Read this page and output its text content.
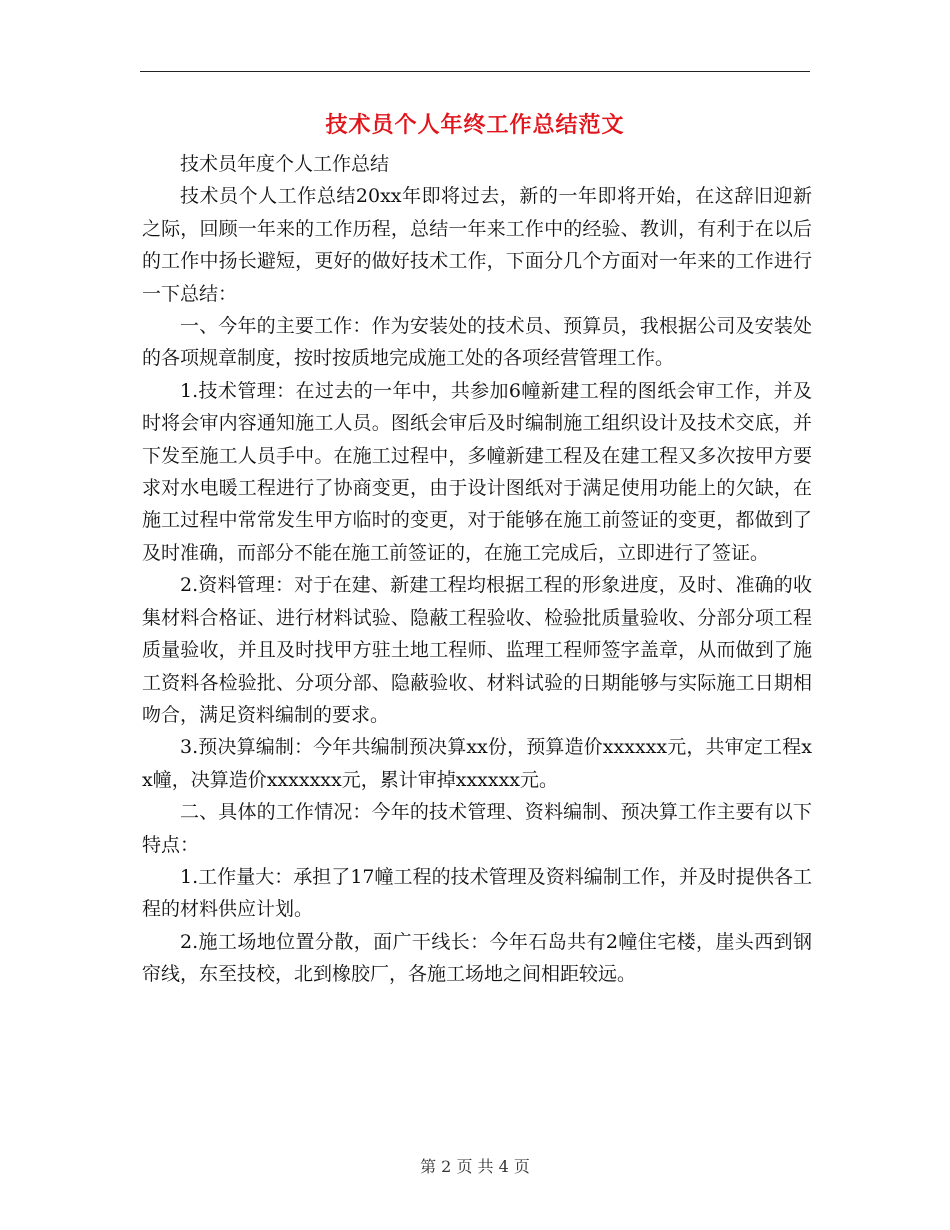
技术员个人年终工作总结范文

技术员年度个人工作总结

技术员个人工作总结20xx年即将过去，新的一年即将开始，在这辞旧迎新之际，回顾一年来的工作历程，总结一年来工作中的经验、教训，有利于在以后的工作中扬长避短，更好的做好技术工作，下面分几个方面对一年来的工作进行一下总结：

一、今年的主要工作：作为安装处的技术员、预算员，我根据公司及安装处的各项规章制度，按时按质地完成施工处的各项经营管理工作。

1.技术管理：在过去的一年中，共参加6幢新建工程的图纸会审工作，并及时将会审内容通知施工人员。图纸会审后及时编制施工组织设计及技术交底，并下发至施工人员手中。在施工过程中，多幢新建工程及在建工程又多次按甲方要求对水电暖工程进行了协商变更，由于设计图纸对于满足使用功能上的欠缺，在施工过程中常常发生甲方临时的变更，对于能够在施工前签证的变更，都做到了及时准确，而部分不能在施工前签证的，在施工完成后，立即进行了签证。

2.资料管理：对于在建、新建工程均根据工程的形象进度，及时、准确的收集材料合格证、进行材料试验、隐蔽工程验收、检验批质量验收、分部分项工程质量验收，并且及时找甲方驻土地工程师、监理工程师签字盖章，从而做到了施工资料各检验批、分项分部、隐蔽验收、材料试验的日期能够与实际施工日期相吻合，满足资料编制的要求。

3.预决算编制：今年共编制预决算xx份，预算造价xxxxxx元，共审定工程xx幢，决算造价xxxxxxx元，累计审掉xxxxxx元。

二、具体的工作情况：今年的技术管理、资料编制、预决算工作主要有以下特点：

1.工作量大：承担了17幢工程的技术管理及资料编制工作，并及时提供各工程的材料供应计划。

2.施工场地位置分散，面广干线长：今年石岛共有2幢住宅楼，崖头西到钢帘线，东至技校，北到橡胶厂，各施工场地之间相距较远。

第 2 页 共 4 页
